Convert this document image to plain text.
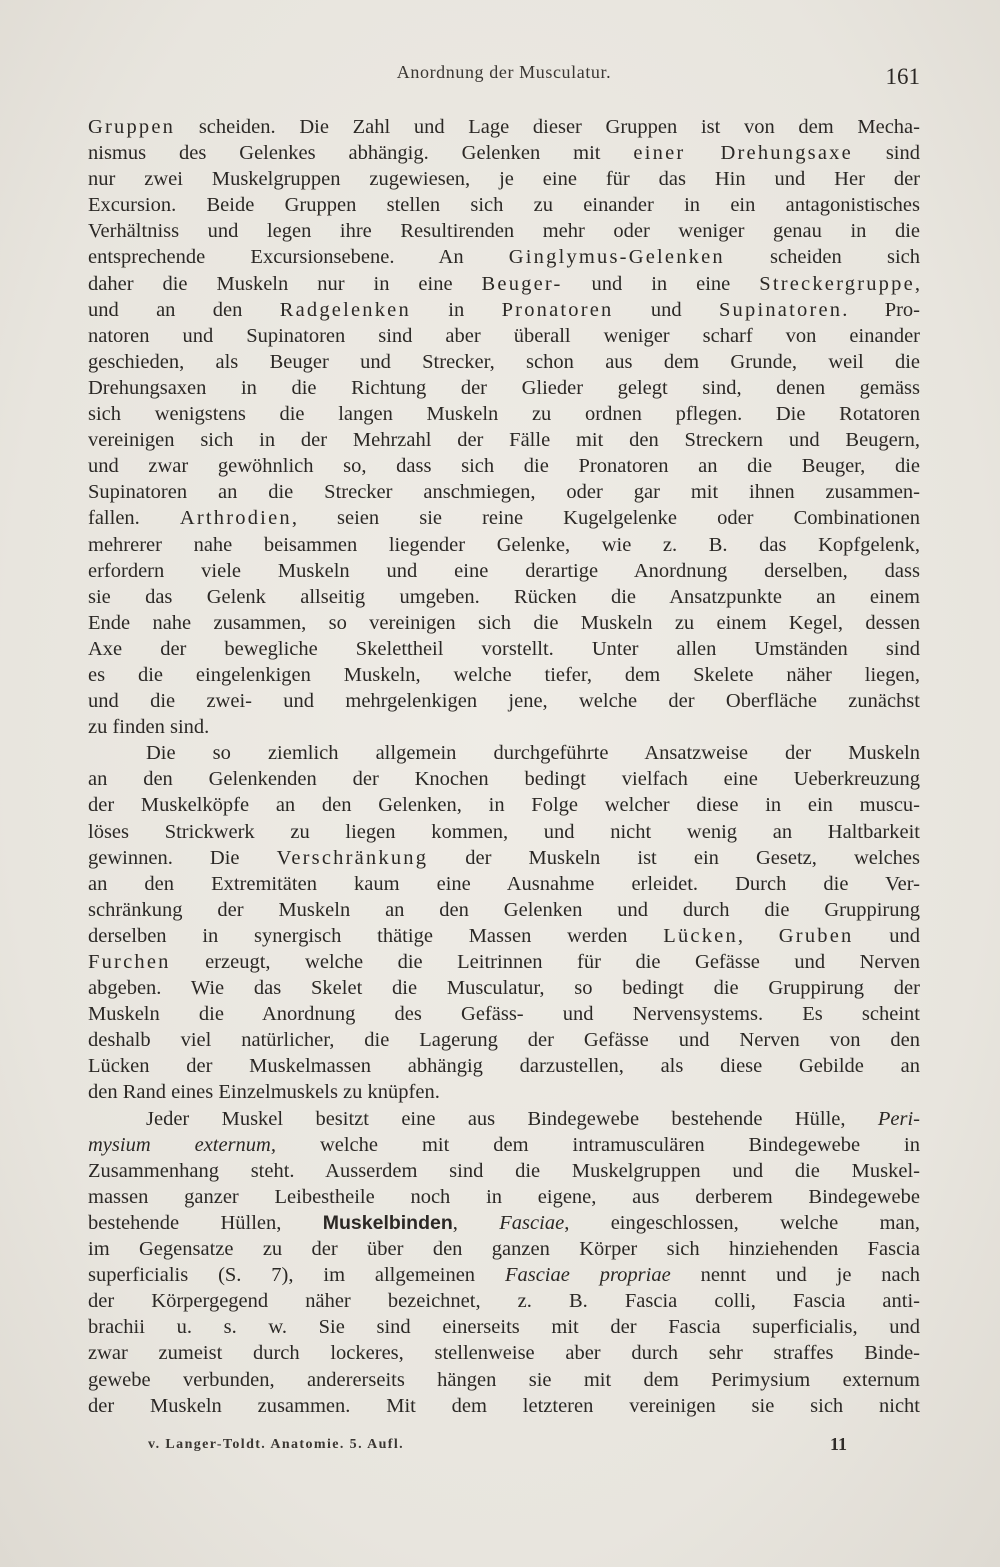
Anordnung der Musculatur.	161
Gruppen scheiden. Die Zahl und Lage dieser Gruppen ist von dem Mecha-
nismus des Gelenkes abhängig. Gelenken mit einer Drehungsaxe sind
nur zwei Muskelgruppen zugewiesen, je eine für das Hin und Her der
Excursion. Beide Gruppen stellen sich zu einander in ein antagonistisches
Verhältniss und legen ihre Resultirenden mehr oder weniger genau in die
entsprechende Excursionsebene. An Ginglymus-Gelenken scheiden sich
daher die Muskeln nur in eine Beuger- und in eine Streckergruppe,
und an den Radgelenken in Pronatoren und Supinatoren. Pro-
natoren und Supinatoren sind aber überall weniger scharf von einander
geschieden, als Beuger und Strecker, schon aus dem Grunde, weil die
Drehungsaxen in die Richtung der Glieder gelegt sind, denen gemäss
sich wenigstens die langen Muskeln zu ordnen pflegen. Die Rotatoren
vereinigen sich in der Mehrzahl der Fälle mit den Streckern und Beugern,
und zwar gewöhnlich so, dass sich die Pronatoren an die Beuger, die
Supinatoren an die Strecker anschmiegen, oder gar mit ihnen zusammen-
fallen. Arthrodien, seien sie reine Kugelgelenke oder Combinationen
mehrerer nahe beisammen liegender Gelenke, wie z. B. das Kopfgelenk,
erfordern viele Muskeln und eine derartige Anordnung derselben, dass
sie das Gelenk allseitig umgeben. Rücken die Ansatzpunkte an einem
Ende nahe zusammen, so vereinigen sich die Muskeln zu einem Kegel, dessen
Axe der bewegliche Skelettheil vorstellt. Unter allen Umständen sind
es die eingelenkigen Muskeln, welche tiefer, dem Skelete näher liegen,
und die zwei- und mehrgelenkigen jene, welche der Oberfläche zunächst
zu finden sind.
Die so ziemlich allgemein durchgeführte Ansatzweise der Muskeln
an den Gelenkenden der Knochen bedingt vielfach eine Ueberkreuzung
der Muskelköpfe an den Gelenken, in Folge welcher diese in ein muscu-
löses Strickwerk zu liegen kommen, und nicht wenig an Haltbarkeit
gewinnen. Die Verschränkung der Muskeln ist ein Gesetz, welches
an den Extremitäten kaum eine Ausnahme erleidet. Durch die Ver-
schränkung der Muskeln an den Gelenken und durch die Gruppirung
derselben in synergisch thätige Massen werden Lücken, Gruben und
Furchen erzeugt, welche die Leitrinnen für die Gefässe und Nerven
abgeben. Wie das Skelet die Musculatur, so bedingt die Gruppirung der
Muskeln die Anordnung des Gefäss- und Nervensystems. Es scheint
deshalb viel natürlicher, die Lagerung der Gefässe und Nerven von den
Lücken der Muskelmassen abhängig darzustellen, als diese Gebilde an
den Rand eines Einzelmuskels zu knüpfen.
Jeder Muskel besitzt eine aus Bindegewebe bestehende Hülle, Peri-
mysium externum, welche mit dem intramusculären Bindegewebe in
Zusammenhang steht. Ausserdem sind die Muskelgruppen und die Muskel-
massen ganzer Leibestheile noch in eigene, aus derberem Bindegewebe
bestehende Hüllen, Muskelbinden, Fasciae, eingeschlossen, welche man,
im Gegensatze zu der über den ganzen Körper sich hinziehenden Fascia
superficialis (S. 7), im allgemeinen Fasciae propriae nennt und je nach
der Körpergegend näher bezeichnet, z. B. Fascia colli, Fascia anti-
brachii u. s. w. Sie sind einerseits mit der Fascia superficialis, und
zwar zumeist durch lockeres, stellenweise aber durch sehr straffes Binde-
gewebe verbunden, andererseits hängen sie mit dem Perimysium externum
der Muskeln zusammen. Mit dem letzteren vereinigen sie sich nicht
v. Langer-Toldt. Anatomie. 5. Aufl.	11
